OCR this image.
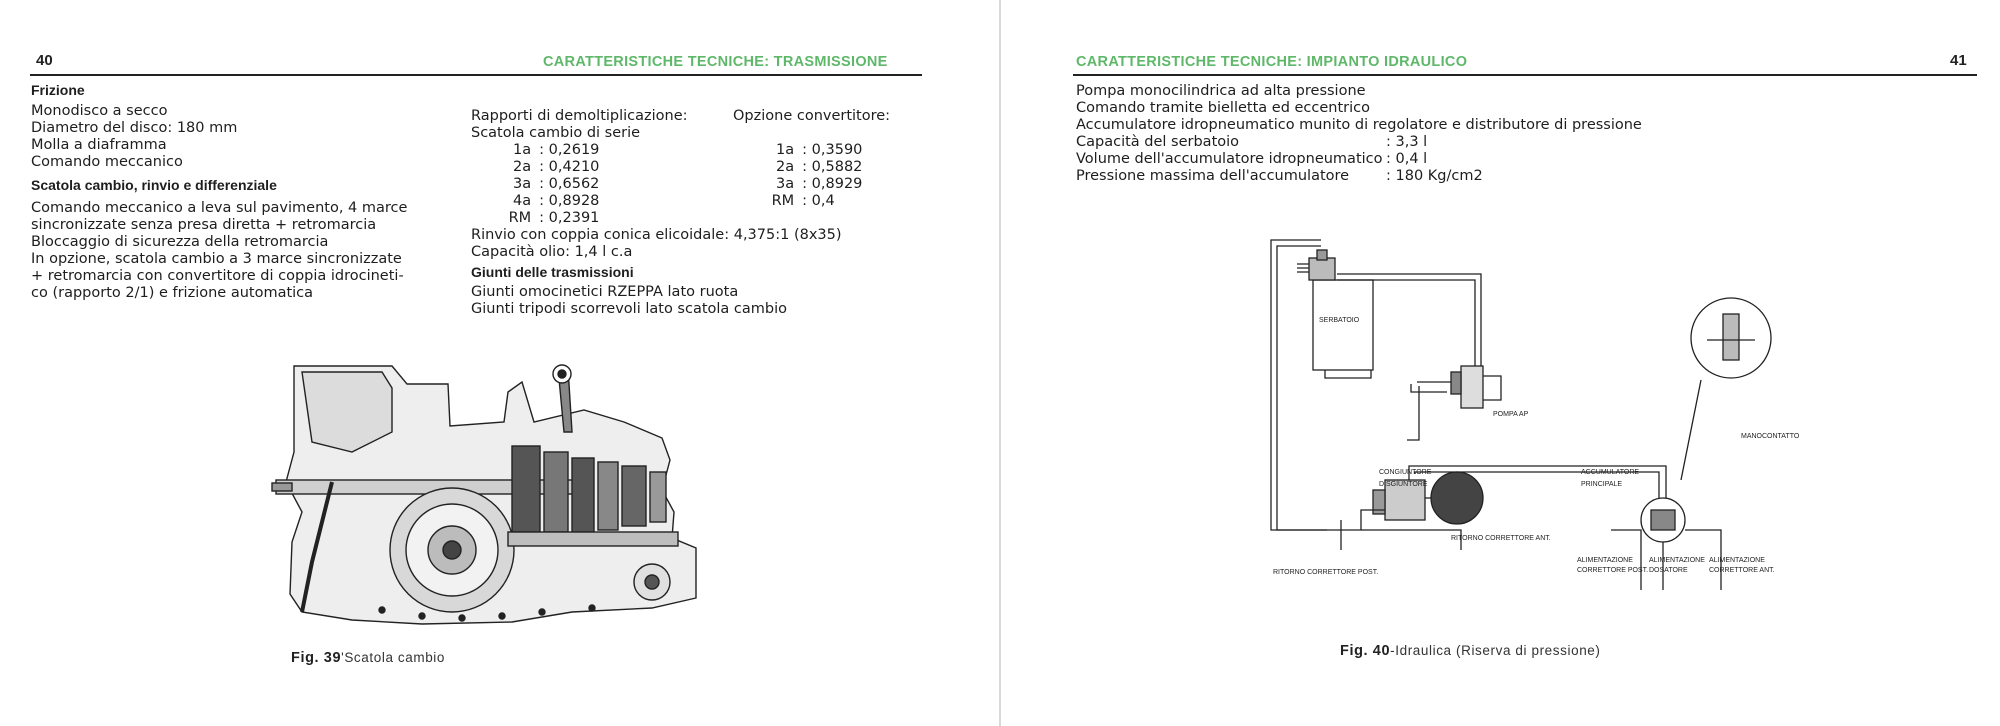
40	CARATTERISTICHE TECNICHE: TRASMISSIONE
Frizione
Monodisco a secco
Diametro del disco: 180 mm
Molla a diaframma
Comando meccanico
Scatola cambio, rinvio e differenziale
Comando meccanico a leva sul pavimento, 4 marce
sincronizzate senza presa diretta + retromarcia
Bloccaggio di sicurezza della retromarcia
In opzione, scatola cambio a 3 marce sincronizzate
+ retromarcia con convertitore di coppia idrocineti-
co (rapporto 2/1) e frizione automatica
Rapporti di demoltiplicazione:
Scatola cambio di serie
1a : 0,2619
2a : 0,4210
3a : 0,6562
4a : 0,8928
RM : 0,2391
Rinvio con coppia conica elicoidale: 4,375:1 (8x35)
Capacità olio: 1,4 l c.a
Giunti delle trasmissioni
Giunti omocinetici RZEPPA lato ruota
Giunti tripodi scorrevoli lato scatola cambio
Opzione convertitore:
1a : 0,3590
2a : 0,5882
3a : 0,8929
RM : 0,4
Fig. 39'Scatola cambio
CARATTERISTICHE TECNICHE: IMPIANTO IDRAULICO	41
Pompa monocilindrica ad alta pressione
Comando tramite bielletta ed eccentrico
Accumulatore idropneumatico munito di regolatore e distributore di pressione
Capacità del serbatoio	: 3,3 l
Volume dell'accumulatore idropneumatico : 0,4 l
Pressione massima dell'accumulatore	: 180 Kg/cm2
SERBATOIO
POMPA AP
MANOCONTATTO
CONGIUNTORE
DISGIUNTORE
ACCUMULATORE
PRINCIPALE
RITORNO CORRETTORE ANT.
RITORNO CORRETTORE POST.
ALIMENTAZIONE
CORRETTORE POST.
ALIMENTAZIONE
DOSATORE
ALIMENTAZIONE
CORRETTORE ANT.
Fig. 40-Idraulica (Riserva di pressione)
